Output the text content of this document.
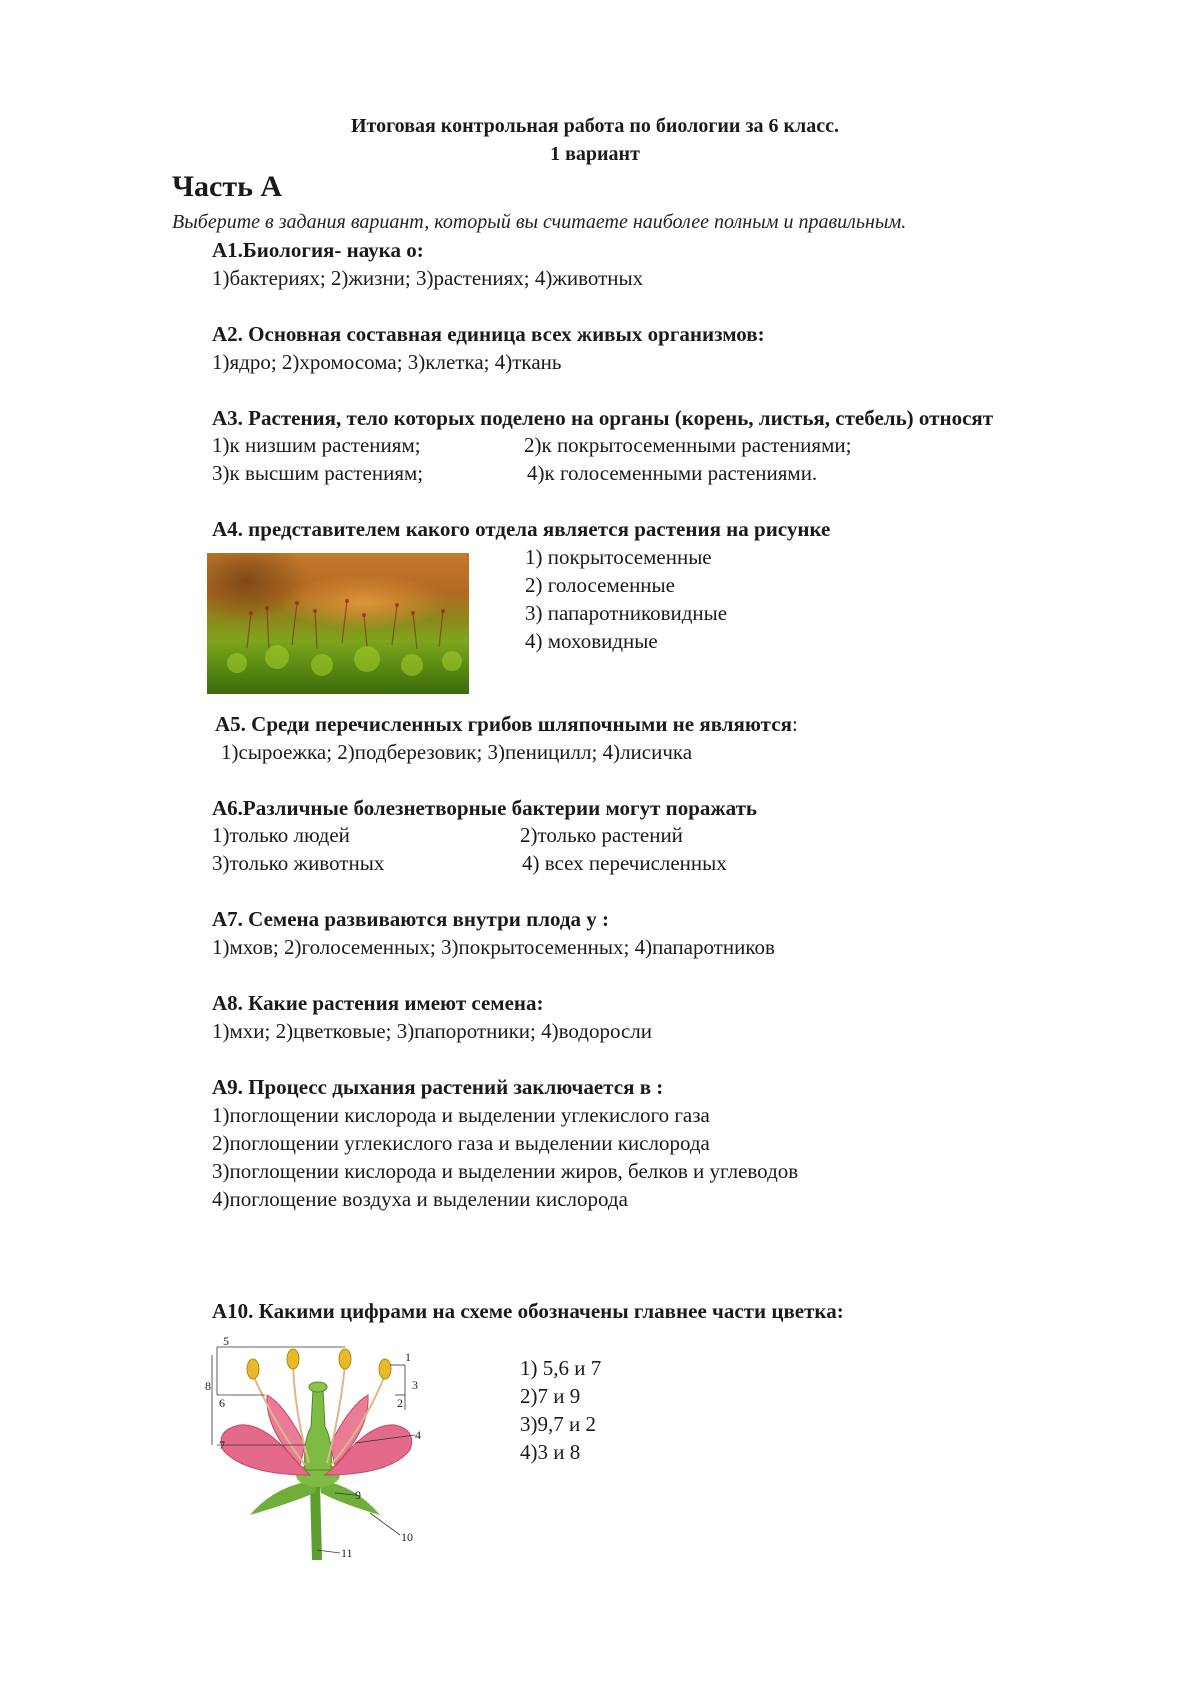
Итоговая контрольная работа по биологии за 6 класс.
1 вариант
Часть А
Выберите в задания вариант, который вы считаете наиболее полным и правильным.
А1.Биология- наука о:
1)бактериях; 2)жизни; 3)растениях; 4)животных
А2. Основная составная единица всех живых организмов:
1)ядро; 2)хромосома; 3)клетка; 4)ткань
А3. Растения, тело которых поделено на органы (корень, листья, стебель) относят
1)к низшим растениям;	2)к покрытосеменными растениями;
3)к высшим растениям;	4)к голосеменными растениями.
А4. представителем какого отдела является растения на рисунке
1) покрытосеменные
2) голосеменные
3) папаротниковидные
4) моховидные
А5. Среди перечисленных грибов шляпочными не являются:
1)сыроежка; 2)подберезовик; 3)пеницилл; 4)лисичка
А6.Различные болезнетворные бактерии могут поражать
1)только людей	2)только растений
3)только животных	4) всех перечисленных
А7. Семена развиваются внутри плода у :
1)мхов; 2)голосеменных; 3)покрытосеменных; 4)папаротников
А8. Какие растения имеют семена:
1)мхи; 2)цветковые; 3)папоротники; 4)водоросли
А9. Процесс дыхания растений заключается в :
1)поглощении кислорода и выделении углекислого газа
2)поглощении углекислого газа и выделении кислорода
3)поглощении кислорода и выделении жиров, белков и углеводов
4)поглощение воздуха и выделении кислорода
А10. Какими цифрами на схеме обозначены главнее части цветка:
1) 5,6 и 7
2)7 и 9
3)9,7 и 2
4)3 и 8
5
1
3
2
4
8
6
7
9
10
11
